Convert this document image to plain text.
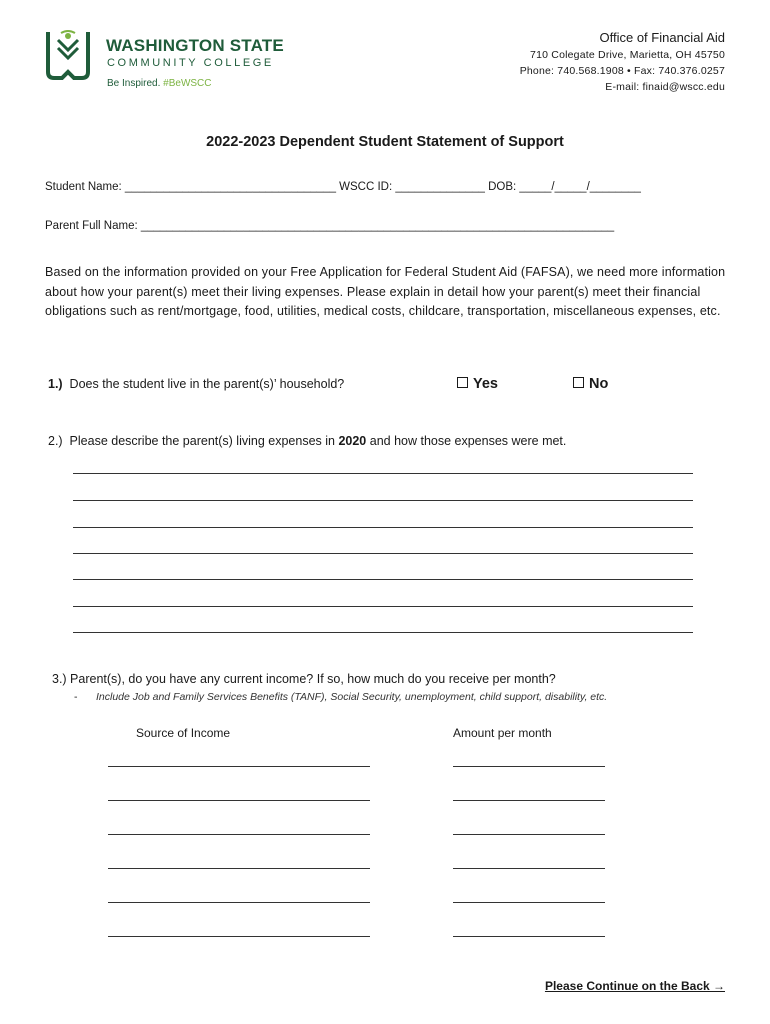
WASHINGTON STATE
COMMUNITY COLLEGE
Be Inspired. #BeWSCC
Office of Financial Aid
710 Colegate Drive, Marietta, OH 45750
Phone: 740.568.1908 • Fax: 740.376.0257
E-mail: finaid@wscc.edu
2022-2023 Dependent Student Statement of Support
Student Name: _________________________________ WSCC ID: ______________ DOB: _____/_____/________
Parent Full Name: __________________________________________________________________________
Based on the information provided on your Free Application for Federal Student Aid (FAFSA), we need more information about how your parent(s) meet their living expenses. Please explain in detail how your parent(s) meet their financial obligations such as rent/mortgage, food, utilities, medical costs, childcare, transportation, miscellaneous expenses, etc.
1.) Does the student live in the parent(s)’ household?	Yes	No
2.) Please describe the parent(s) living expenses in 2020 and how those expenses were met.
3.) Parent(s), do you have any current income? If so, how much do you receive per month?
- Include Job and Family Services Benefits (TANF), Social Security, unemployment, child support, disability, etc.
Source of Income	Amount per month
Please Continue on the Back →
